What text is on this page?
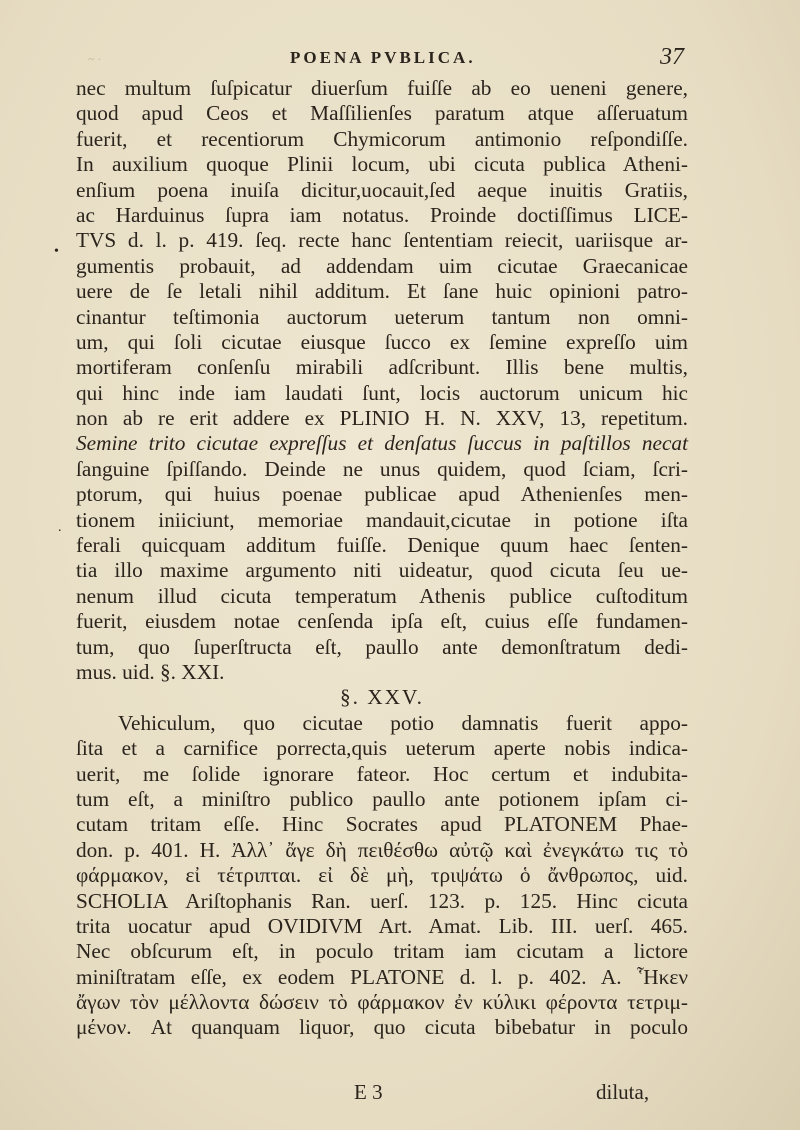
~ ·	POENA PVBLICA.	37
•
.
nec multum ſuſpicatur diuerſum fuiſſe ab eo ueneni genere,
quod apud Ceos et Maſſilienſes paratum atque aſſeruatum
fuerit, et recentiorum Chymicorum antimonio reſpondiſſe.
In auxilium quoque Plinii locum, ubi cicuta publica Atheni-
enſium poena inuiſa dicitur,uocauit,ſed aeque inuitis Gratiis,
ac Harduinus ſupra iam notatus. Proinde doctiſſimus LICE-
TVS d. l. p. 419. ſeq. recte hanc ſententiam reiecit, uariisque ar-
gumentis probauit, ad addendam uim cicutae Graecanicae
uere de ſe letali nihil additum. Et ſane huic opinioni patro-
cinantur teſtimonia auctorum ueterum tantum non omni-
um, qui ſoli cicutae eiusque ſucco ex ſemine expreſſo uim
mortiferam conſenſu mirabili adſcribunt. Illis bene multis,
qui hinc inde iam laudati ſunt, locis auctorum unicum hic
non ab re erit addere ex PLINIO H. N. XXV, 13, repetitum.
Semine trito cicutae expreſſus et denſatus ſuccus in paſtillos necat
ſanguine ſpiſſando. Deinde ne unus quidem, quod ſciam, ſcri-
ptorum, qui huius poenae publicae apud Athenienſes men-
tionem iniiciunt, memoriae mandauit,cicutae in potione iſta
ferali quicquam additum fuiſſe. Denique quum haec ſenten-
tia illo maxime argumento niti uideatur, quod cicuta ſeu ue-
nenum illud cicuta temperatum Athenis publice cuſtoditum
fuerit, eiusdem notae cenſenda ipſa eſt, cuius eſſe fundamen-
tum, quo ſuperſtructa eſt, paullo ante demonſtratum dedi-
mus. uid. §. XXI.
§. XXV.
Vehiculum, quo cicutae potio damnatis fuerit appo-
ſita et a carnifice porrecta,quis ueterum aperte nobis indica-
uerit, me ſolide ignorare fateor. Hoc certum et indubita-
tum eſt, a miniſtro publico paullo ante potionem ipſam ci-
cutam tritam eſſe. Hinc Socrates apud PLATONEM Phae-
don. p. 401. H. Ἀλλ᾽ ἄγε δὴ πειθέσθω αὐτῷ καὶ ἐνεγκάτω τις τὸ
φάρμακον, εἰ τέτριπται. εἰ δὲ μὴ, τριψάτω ὁ ἄνθρωπος, uid.
SCHOLIA Ariſtophanis Ran. uerſ. 123. p. 125. Hinc cicuta
trita uocatur apud OVIDIVM Art. Amat. Lib. III. uerſ. 465.
Nec obſcurum eſt, in poculo tritam iam cicutam a lictore
miniſtratam eſſe, ex eodem PLATONE d. l. p. 402. A. Ἧκεν
ἄγων τὸν μέλλοντα δώσειν τὸ φάρμακον ἐν κύλικι φέροντα τετριμ-
μένον. At quanquam liquor, quo cicuta bibebatur in poculo
E 3	diluta,
